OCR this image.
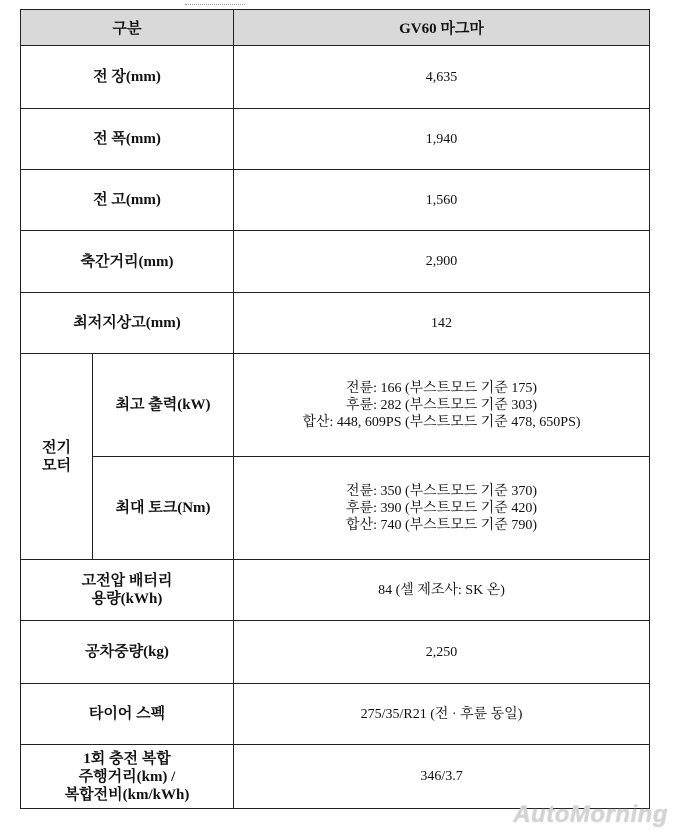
구분		GV60 마그마
전 장(mm)		4,635
전 폭(mm)		1,940
전 고(mm)		1,560
축간거리(mm)		2,900
최저지상고(mm)		142

전기
모터	최고 출력(kW)	전륜: 166 (부스트모드 기준 175)
후륜: 282 (부스트모드 기준 303)
합산: 448, 609PS (부스트모드 기준 478, 650PS)

	최대 토크(Nm)	전륜: 350 (부스트모드 기준 370)
후륜: 390 (부스트모드 기준 420)
합산: 740 (부스트모드 기준 790)

고전압 배터리
용량(kWh)		84 (셀 제조사: SK 온)
공차중량(kg)		2,250
타이어 스펙		275/35/R21 (전 · 후륜 동일)

1회 충전 복합
주행거리(km) /
복합전비(km/kWh)		346/3.7
AutoMorning
